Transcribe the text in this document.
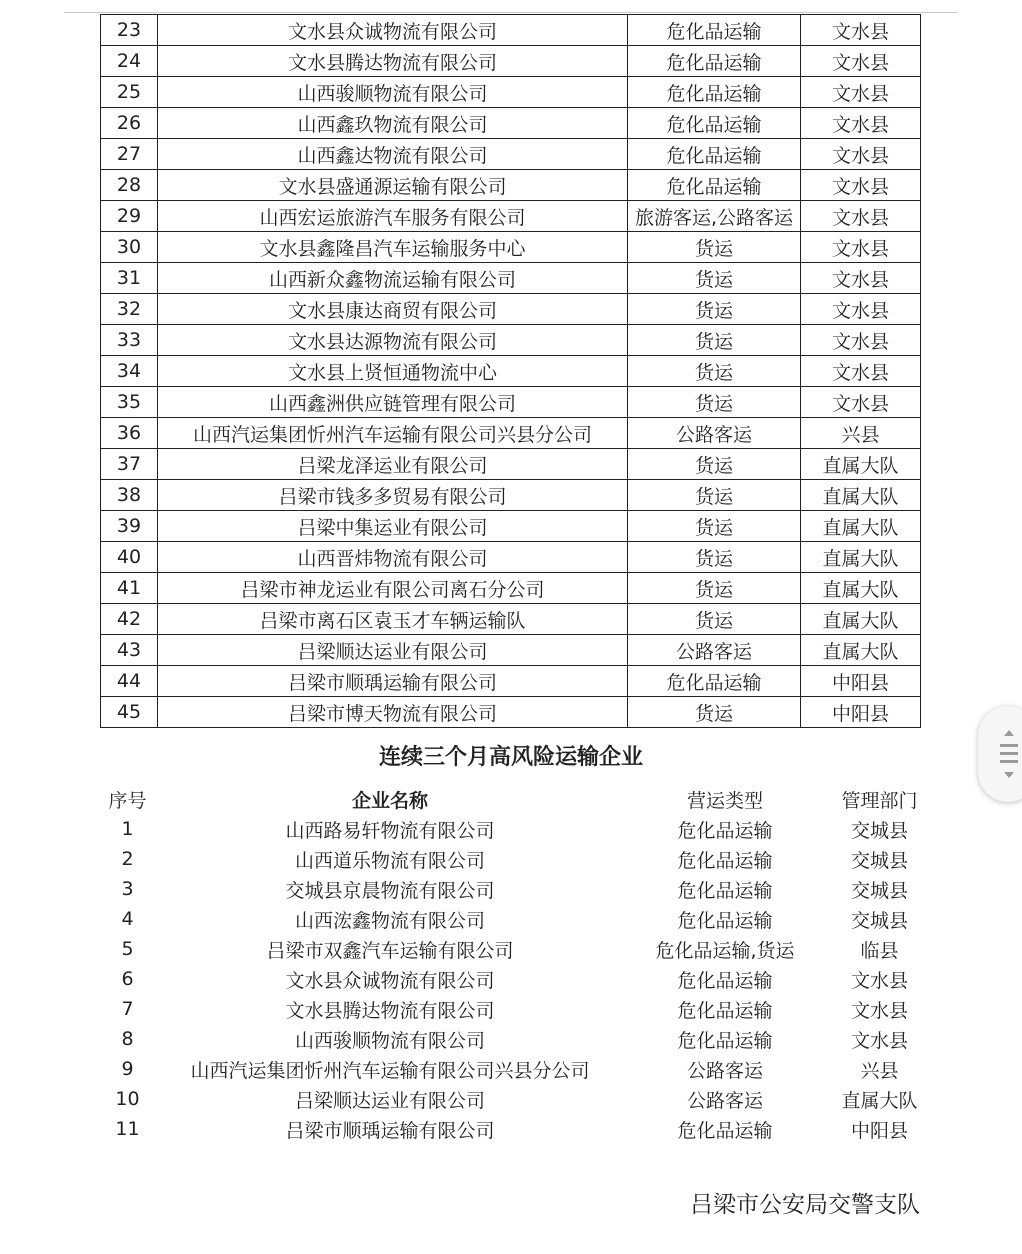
23	文水县众诚物流有限公司	危化品运输	文水县
24	文水县腾达物流有限公司	危化品运输	文水县
25	山西骏顺物流有限公司	危化品运输	文水县
26	山西鑫玖物流有限公司	危化品运输	文水县
27	山西鑫达物流有限公司	危化品运输	文水县
28	文水县盛通源运输有限公司	危化品运输	文水县
29	山西宏运旅游汽车服务有限公司	旅游客运,公路客运	文水县
30	文水县鑫隆昌汽车运输服务中心	货运	文水县
31	山西新众鑫物流运输有限公司	货运	文水县
32	文水县康达商贸有限公司	货运	文水县
33	文水县达源物流有限公司	货运	文水县
34	文水县上贤恒通物流中心	货运	文水县
35	山西鑫洲供应链管理有限公司	货运	文水县
36	山西汽运集团忻州汽车运输有限公司兴县分公司	公路客运	兴县
37	吕梁龙泽运业有限公司	货运	直属大队
38	吕梁市钱多多贸易有限公司	货运	直属大队
39	吕梁中集运业有限公司	货运	直属大队
40	山西晋炜物流有限公司	货运	直属大队
41	吕梁市神龙运业有限公司离石分公司	货运	直属大队
42	吕梁市离石区袁玉才车辆运输队	货运	直属大队
43	吕梁顺达运业有限公司	公路客运	直属大队
44	吕梁市顺瑀运输有限公司	危化品运输	中阳县
45	吕梁市博天物流有限公司	货运	中阳县
连续三个月高风险运输企业
序号	企业名称	营运类型	管理部门
1	山西路易轩物流有限公司	危化品运输	交城县
2	山西道乐物流有限公司	危化品运输	交城县
3	交城县京晨物流有限公司	危化品运输	交城县
4	山西浤鑫物流有限公司	危化品运输	交城县
5	吕梁市双鑫汽车运输有限公司	危化品运输,货运	临县
6	文水县众诚物流有限公司	危化品运输	文水县
7	文水县腾达物流有限公司	危化品运输	文水县
8	山西骏顺物流有限公司	危化品运输	文水县
9	山西汽运集团忻州汽车运输有限公司兴县分公司	公路客运	兴县
10	吕梁顺达运业有限公司	公路客运	直属大队
11	吕梁市顺瑀运输有限公司	危化品运输	中阳县
吕梁市公安局交警支队
